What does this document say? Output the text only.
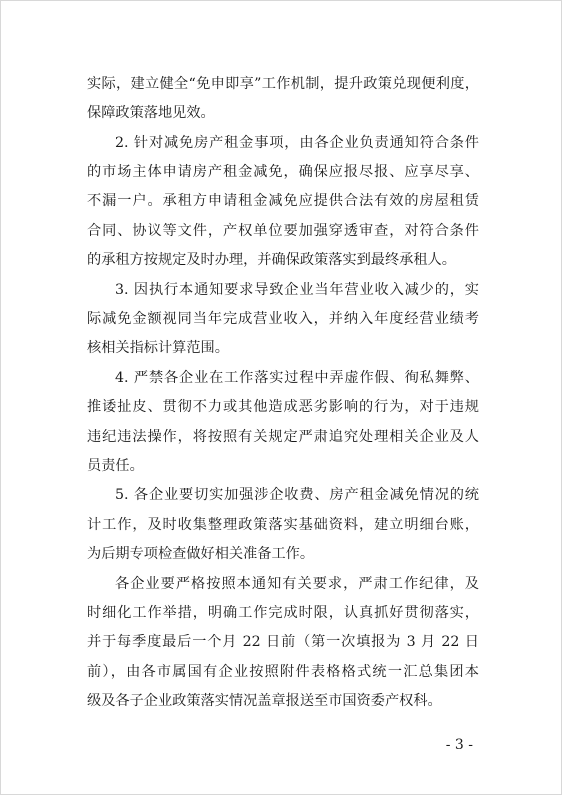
实际，建立健全“免申即享”工作机制，提升政策兑现便利度，
保障政策落地见效。
2. 针对减免房产租金事项，由各企业负责通知符合条件
的市场主体申请房产租金减免，确保应报尽报、应享尽享、
不漏一户。承租方申请租金减免应提供合法有效的房屋租赁
合同、协议等文件，产权单位要加强穿透审查，对符合条件
的承租方按规定及时办理，并确保政策落实到最终承租人。
3. 因执行本通知要求导致企业当年营业收入减少的，实
际减免金额视同当年完成营业收入，并纳入年度经营业绩考
核相关指标计算范围。
4. 严禁各企业在工作落实过程中弄虚作假、徇私舞弊、
推诿扯皮、贯彻不力或其他造成恶劣影响的行为，对于违规
违纪违法操作，将按照有关规定严肃追究处理相关企业及人
员责任。
5. 各企业要切实加强涉企收费、房产租金减免情况的统
计工作，及时收集整理政策落实基础资料，建立明细台账，
为后期专项检查做好相关准备工作。
各企业要严格按照本通知有关要求，严肃工作纪律，及
时细化工作举措，明确工作完成时限，认真抓好贯彻落实，
并于每季度最后一个月 22 日前（第一次填报为 3 月 22 日
前），由各市属国有企业按照附件表格格式统一汇总集团本
级及各子企业政策落实情况盖章报送至市国资委产权科。
- 3 -
